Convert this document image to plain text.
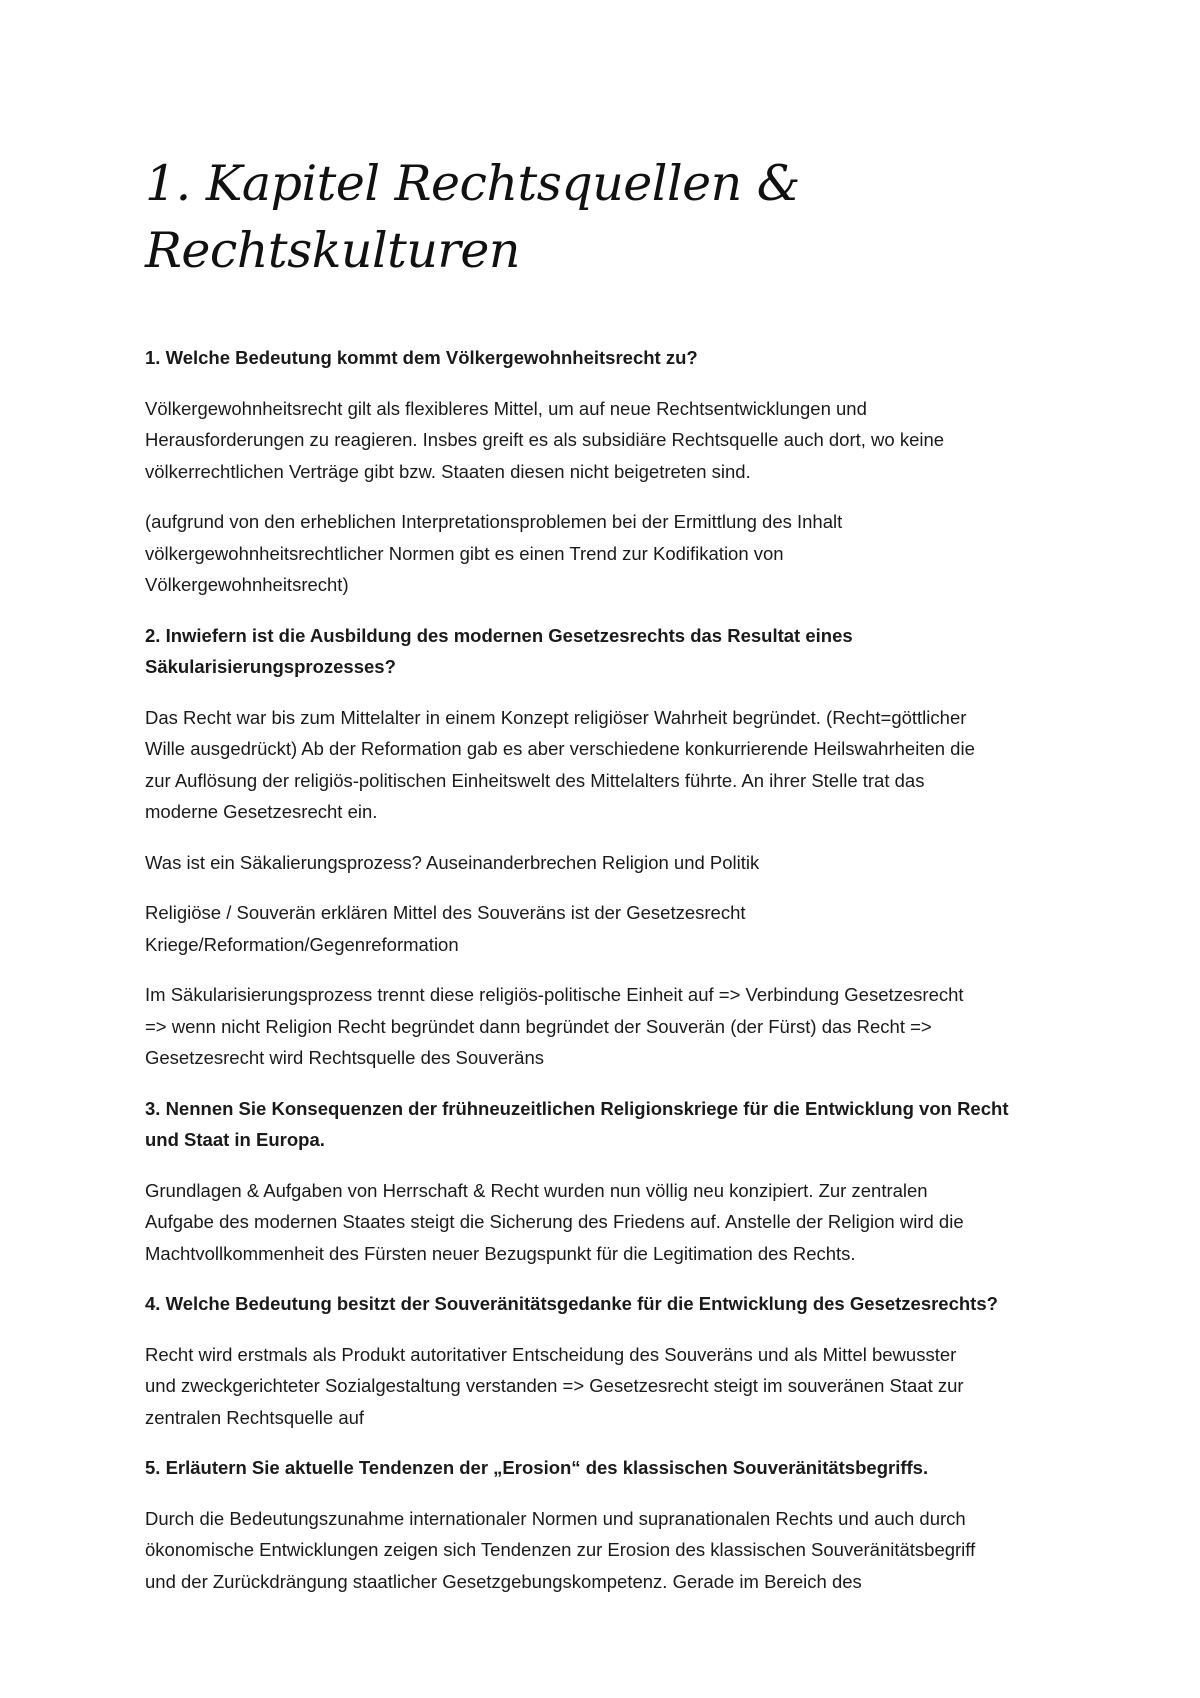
1. Kapitel Rechtsquellen &
Rechtskulturen
1. Welche Bedeutung kommt dem Völkergewohnheitsrecht zu?
Völkergewohnheitsrecht gilt als flexibleres Mittel, um auf neue Rechtsentwicklungen und
Herausforderungen zu reagieren. Insbes greift es als subsidiäre Rechtsquelle auch dort, wo keine
völkerrechtlichen Verträge gibt bzw. Staaten diesen nicht beigetreten sind.
(aufgrund von den erheblichen Interpretationsproblemen bei der Ermittlung des Inhalt
völkergewohnheitsrechtlicher Normen gibt es einen Trend zur Kodifikation von
Völkergewohnheitsrecht)
2. Inwiefern ist die Ausbildung des modernen Gesetzesrechts das Resultat eines
Säkularisierungsprozesses?
Das Recht war bis zum Mittelalter in einem Konzept religiöser Wahrheit begründet. (Recht=göttlicher
Wille ausgedrückt) Ab der Reformation gab es aber verschiedene konkurrierende Heilswahrheiten die
zur Auflösung der religiös-politischen Einheitswelt des Mittelalters führte. An ihrer Stelle trat das
moderne Gesetzesrecht ein.
Was ist ein Säkalierungsprozess? Auseinanderbrechen Religion und Politik
Religiöse / Souverän erklären Mittel des Souveräns ist der Gesetzesrecht
Kriege/Reformation/Gegenreformation
Im Säkularisierungsprozess trennt diese religiös-politische Einheit auf => Verbindung Gesetzesrecht
=> wenn nicht Religion Recht begründet dann begründet der Souverän (der Fürst) das Recht =>
Gesetzesrecht wird Rechtsquelle des Souveräns
3. Nennen Sie Konsequenzen der frühneuzeitlichen Religionskriege für die Entwicklung von Recht
und Staat in Europa.
Grundlagen & Aufgaben von Herrschaft & Recht wurden nun völlig neu konzipiert. Zur zentralen
Aufgabe des modernen Staates steigt die Sicherung des Friedens auf. Anstelle der Religion wird die
Machtvollkommenheit des Fürsten neuer Bezugspunkt für die Legitimation des Rechts.
4. Welche Bedeutung besitzt der Souveränitätsgedanke für die Entwicklung des Gesetzesrechts?
Recht wird erstmals als Produkt autoritativer Entscheidung des Souveräns und als Mittel bewusster
und zweckgerichteter Sozialgestaltung verstanden => Gesetzesrecht steigt im souveränen Staat zur
zentralen Rechtsquelle auf
5. Erläutern Sie aktuelle Tendenzen der „Erosion“ des klassischen Souveränitätsbegriffs.
Durch die Bedeutungszunahme internationaler Normen und supranationalen Rechts und auch durch
ökonomische Entwicklungen zeigen sich Tendenzen zur Erosion des klassischen Souveränitätsbegriff
und der Zurückdrängung staatlicher Gesetzgebungskompetenz. Gerade im Bereich des
